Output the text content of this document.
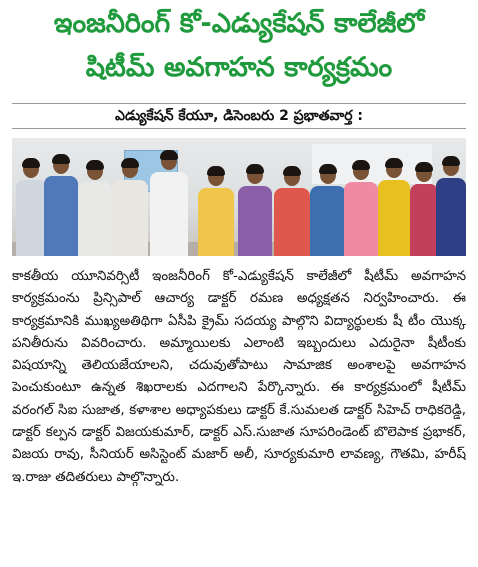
ఇంజనీరింగ్ కో-ఎడ్యుకేషన్ కాలేజీలో
షిటీమ్ అవగాహన కార్యక్రమం
ఎడ్యుకేషన్ కేయూ, డిసెంబరు 2 ప్రభాతవార్త :
కాకతీయ యూనివర్సిటీ ఇంజనీరింగ్ కో-ఎడ్యుకేషన్ కాలేజీలో షీటీమ్ అవగాహన కార్యక్రమంను ప్రిన్సిపాల్ ఆచార్య డాక్టర్ రమణ అధ్యక్షతన నిర్వహించారు. ఈ కార్యక్రమానికి ముఖ్యఅతిథిగా ఏసీపి క్రైమ్ సదయ్య పాల్గొని విద్యార్థులకు షీ టీం యొక్క పనితీరును వివరించారు. అమ్మాయిలకు ఎలాంటి ఇబ్బందులు ఎదురైనా షీటీంకు విషయాన్ని తెలియజేయాలని, చదువుతోపాటు సామాజిక అంశాలపై అవగాహన పెంచుకుంటూ ఉన్నత శిఖరాలకు ఎదగాలని పేర్కొన్నారు. ఈ కార్యక్రమంలో షీటీమ్ వరంగల్ సిఐ సుజాత, కళాశాల అధ్యాపకులు డాక్టర్ కే.సుమలత డాక్టర్ సిహెచ్ రాధికరెడ్డి, డాక్టర్ కల్పన డాక్టర్ విజయకుమార్, డాక్టర్ ఎస్.సుజాత సూపరిండెంట్ బొలెపాక ప్రభాకర్, విజయ రావు, సీనియర్ అసిస్టెంట్ మజార్ అలీ, సూర్యకుమారి లావణ్య, గౌతమి, హరీష్ ఇ.రాజు తదితరులు పాల్గొన్నారు.
